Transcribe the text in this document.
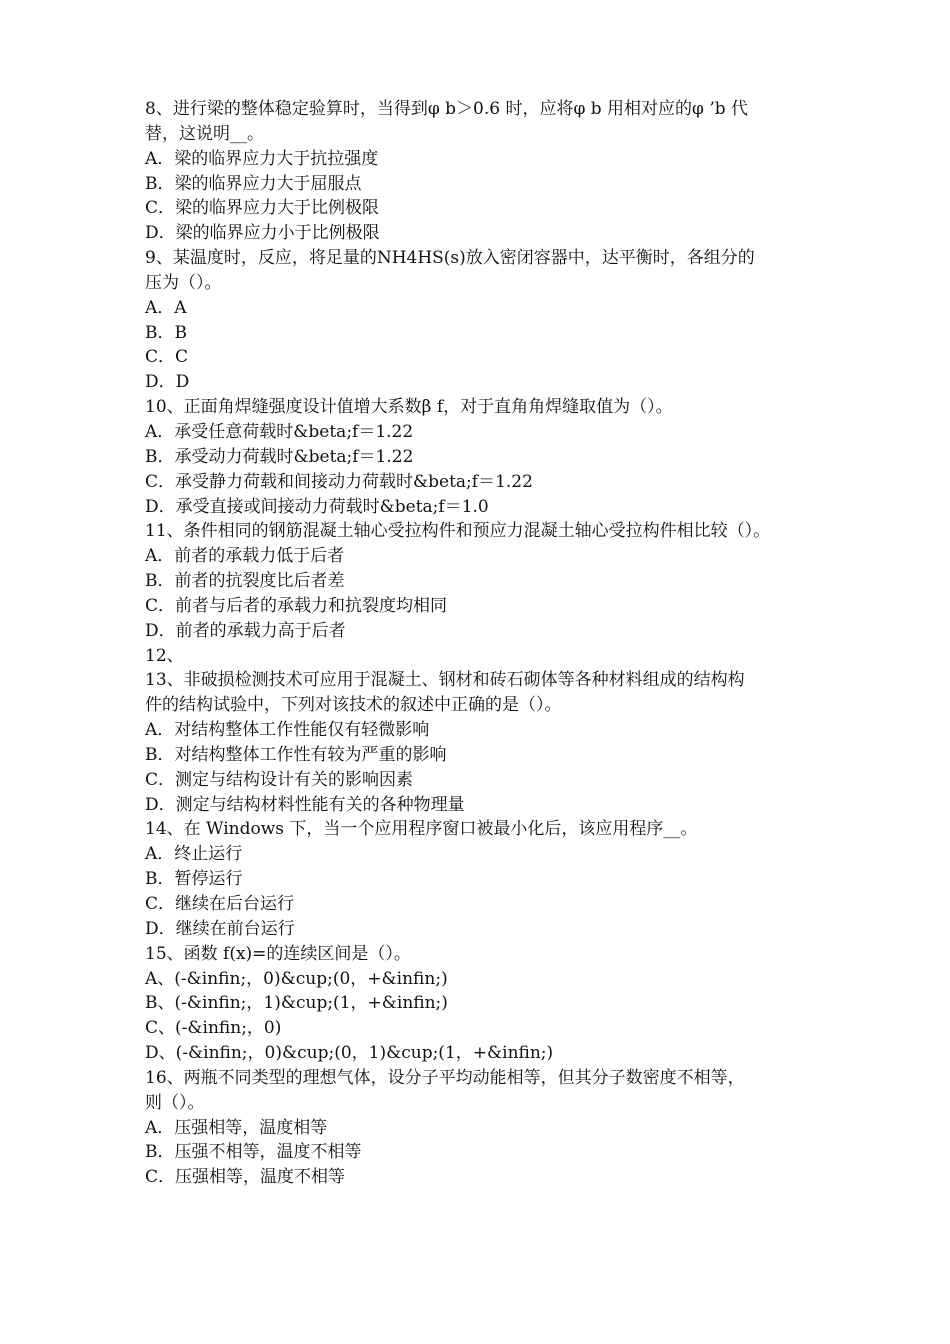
8、进行梁的整体稳定验算时，当得到φ b＞0.6 时，应将φ b 用相对应的φ ’b 代
替，这说明__。
A．梁的临界应力大于抗拉强度
B．梁的临界应力大于屈服点
C．梁的临界应力大于比例极限
D．梁的临界应力小于比例极限
9、某温度时，反应，将足量的NH4HS(s)放入密闭容器中，达平衡时，各组分的
压为（）。
A．A
B．B
C．C
D．D
10、正面角焊缝强度设计值增大系数β f，对于直角角焊缝取值为（）。
A．承受任意荷载时&beta;f＝1.22
B．承受动力荷载时&beta;f＝1.22
C．承受静力荷载和间接动力荷载时&beta;f＝1.22
D．承受直接或间接动力荷载时&beta;f＝1.0
11、条件相同的钢筋混凝土轴心受拉构件和预应力混凝土轴心受拉构件相比较（）。
A．前者的承载力低于后者
B．前者的抗裂度比后者差
C．前者与后者的承载力和抗裂度均相同
D．前者的承载力高于后者
12、
13、非破损检测技术可应用于混凝土、钢材和砖石砌体等各种材料组成的结构构
件的结构试验中，下列对该技术的叙述中正确的是（）。
A．对结构整体工作性能仅有轻微影响
B．对结构整体工作性有较为严重的影响
C．测定与结构设计有关的影响因素
D．测定与结构材料性能有关的各种物理量
14、在 Windows 下，当一个应用程序窗口被最小化后，该应用程序__。
A．终止运行
B．暂停运行
C．继续在后台运行
D．继续在前台运行
15、函数 f(x)=的连续区间是（）。
A、(-&infin;，0)&cup;(0，+&infin;)
B、(-&infin;，1)&cup;(1，+&infin;)
C、(-&infin;，0)
D、(-&infin;，0)&cup;(0，1)&cup;(1，+&infin;)
16、两瓶不同类型的理想气体，设分子平均动能相等，但其分子数密度不相等，
则（）。
A．压强相等，温度相等
B．压强不相等，温度不相等
C．压强相等，温度不相等
